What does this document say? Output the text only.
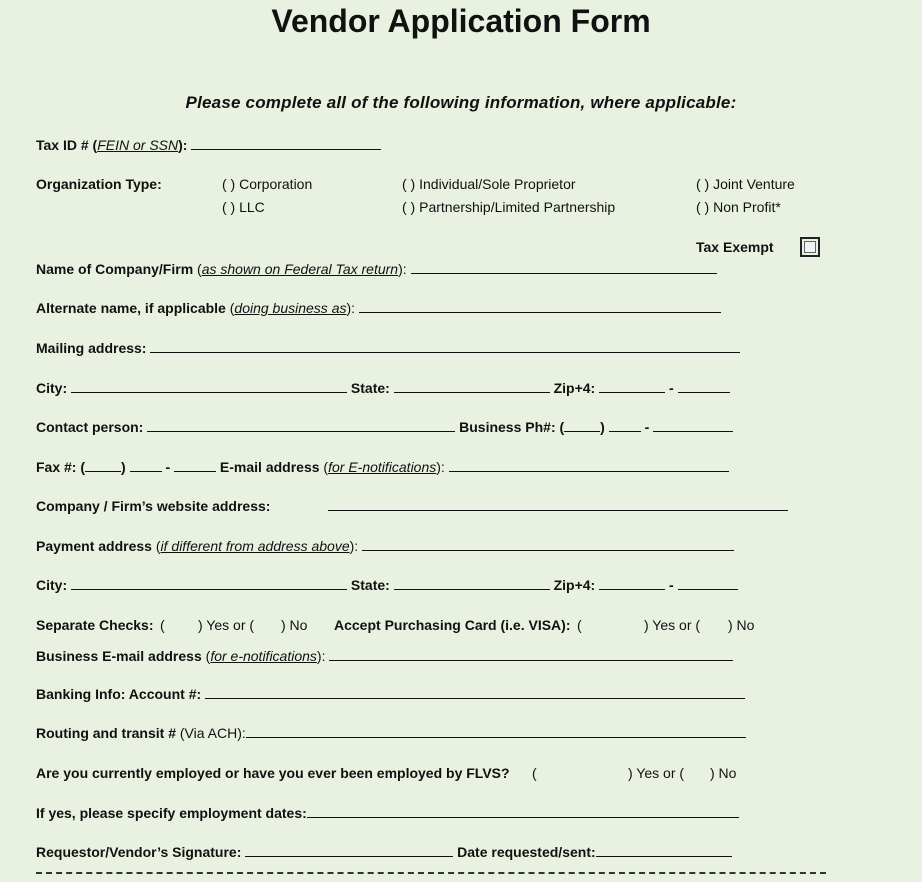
Vendor Application Form
Please complete all of the following information, where applicable:
Tax ID # (FEIN or SSN):
Organization Type:	( ) Corporation
( ) LLC
( ) Individual/Sole Proprietor
( ) Partnership/Limited Partnership
( ) Joint Venture
( ) Non Profit*
Tax Exempt
Name of Company/Firm (as shown on Federal Tax return):
Alternate name, if applicable (doing business as):
Mailing address:
City:	State:	Zip+4:	-
Contact person:	Business Ph#: (	)	-
Fax #: (	)	-	E-mail address (for E-notifications):
Company / Firm’s website address:
Payment address (if different from address above):
City:	State:	Zip+4:	-
Separate Checks: ( ) Yes or ( ) No Accept Purchasing Card (i.e. VISA): (	) Yes or ( ) No
Business E-mail address (for e-notifications):
Banking Info: Account #:
Routing and transit # (Via ACH):
Are you currently employed or have you ever been employed by FLVS? (	) Yes or ( ) No
If yes, please specify employment dates:
Requestor/Vendor’s Signature:	Date requested/sent:
